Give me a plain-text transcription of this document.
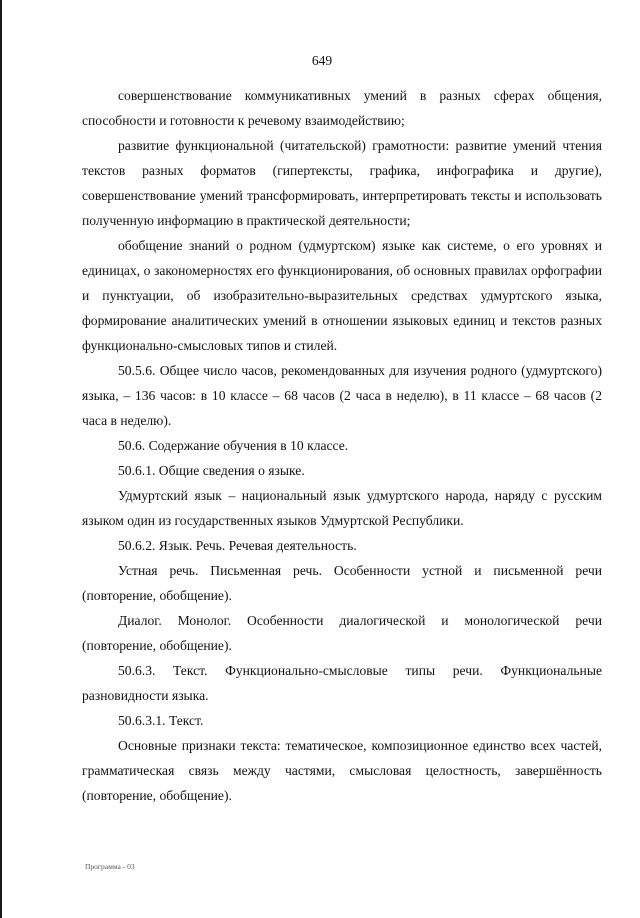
649

совершенствование коммуникативных умений в разных сферах общения, способности и готовности к речевому взаимодействию;

развитие функциональной (читательской) грамотности: развитие умений чтения текстов разных форматов (гипертексты, графика, инфографика и другие), совершенствование умений трансформировать, интерпретировать тексты и использовать полученную информацию в практической деятельности;

обобщение знаний о родном (удмуртском) языке как системе, о его уровнях и единицах, о закономерностях его функционирования, об основных правилах орфографии и пунктуации, об изобразительно-выразительных средствах удмуртского языка, формирование аналитических умений в отношении языковых единиц и текстов разных функционально-смысловых типов и стилей.

50.5.6. Общее число часов, рекомендованных для изучения родного (удмуртского) языка, – 136 часов: в 10 классе – 68 часов (2 часа в неделю), в 11 классе – 68 часов (2 часа в неделю).

50.6. Содержание обучения в 10 классе.

50.6.1. Общие сведения о языке.

Удмуртский язык – национальный язык удмуртского народа, наряду с русским языком один из государственных языков Удмуртской Республики.

50.6.2. Язык. Речь. Речевая деятельность.

Устная речь. Письменная речь. Особенности устной и письменной речи (повторение, обобщение).

Диалог. Монолог. Особенности диалогической и монологической речи (повторение, обобщение).

50.6.3. Текст. Функционально-смысловые типы речи. Функциональные разновидности языка.

50.6.3.1. Текст.

Основные признаки текста: тематическое, композиционное единство всех частей, грамматическая связь между частями, смысловая целостность, завершённость (повторение, обобщение).

Программа - 03
